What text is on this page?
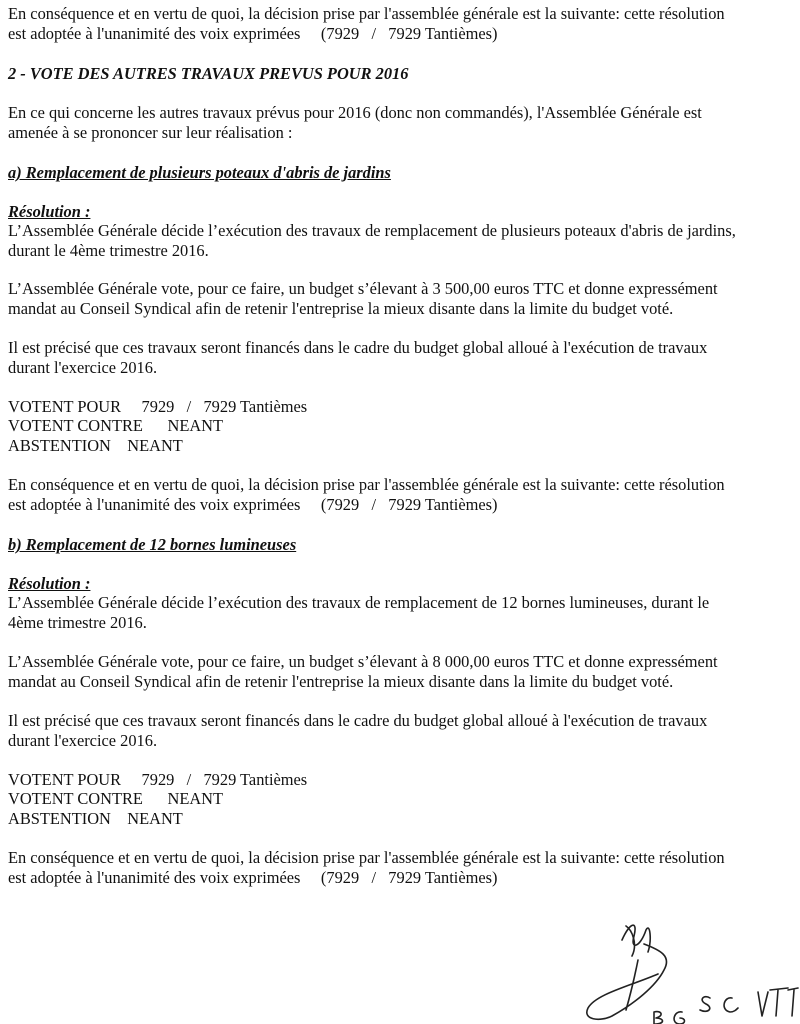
En conséquence et en vertu de quoi, la décision prise par l'assemblée générale est la suivante: cette résolution

est adoptée à l'unanimité des voix exprimées     (7929   /   7929 Tantièmes)

2 - VOTE DES AUTRES TRAVAUX PREVUS POUR 2016

En ce qui concerne les autres travaux prévus pour 2016 (donc non commandés), l'Assemblée Générale est

amenée à se prononcer sur leur réalisation :

a) Remplacement de plusieurs poteaux d'abris de jardins

Résolution :

L’Assemblée Générale décide l’exécution des travaux de remplacement de plusieurs poteaux d'abris de jardins,

durant le 4ème trimestre 2016.

L’Assemblée Générale vote, pour ce faire, un budget s’élevant à 3 500,00 euros TTC et donne expressément

mandat au Conseil Syndical afin de retenir l'entreprise la mieux disante dans la limite du budget voté.

Il est précisé que ces travaux seront financés dans le cadre du budget global alloué à l'exécution de travaux

durant l'exercice 2016.

VOTENT POUR     7929   /   7929 Tantièmes

VOTENT CONTRE      NEANT

ABSTENTION    NEANT

En conséquence et en vertu de quoi, la décision prise par l'assemblée générale est la suivante: cette résolution

est adoptée à l'unanimité des voix exprimées     (7929   /   7929 Tantièmes)

b) Remplacement de 12 bornes lumineuses

Résolution :

L’Assemblée Générale décide l’exécution des travaux de remplacement de 12 bornes lumineuses, durant le

4ème trimestre 2016.

L’Assemblée Générale vote, pour ce faire, un budget s’élevant à 8 000,00 euros TTC et donne expressément

mandat au Conseil Syndical afin de retenir l'entreprise la mieux disante dans la limite du budget voté.

Il est précisé que ces travaux seront financés dans le cadre du budget global alloué à l'exécution de travaux

durant l'exercice 2016.

VOTENT POUR     7929   /   7929 Tantièmes

VOTENT CONTRE      NEANT

ABSTENTION    NEANT

En conséquence et en vertu de quoi, la décision prise par l'assemblée générale est la suivante: cette résolution

est adoptée à l'unanimité des voix exprimées     (7929   /   7929 Tantièmes)
